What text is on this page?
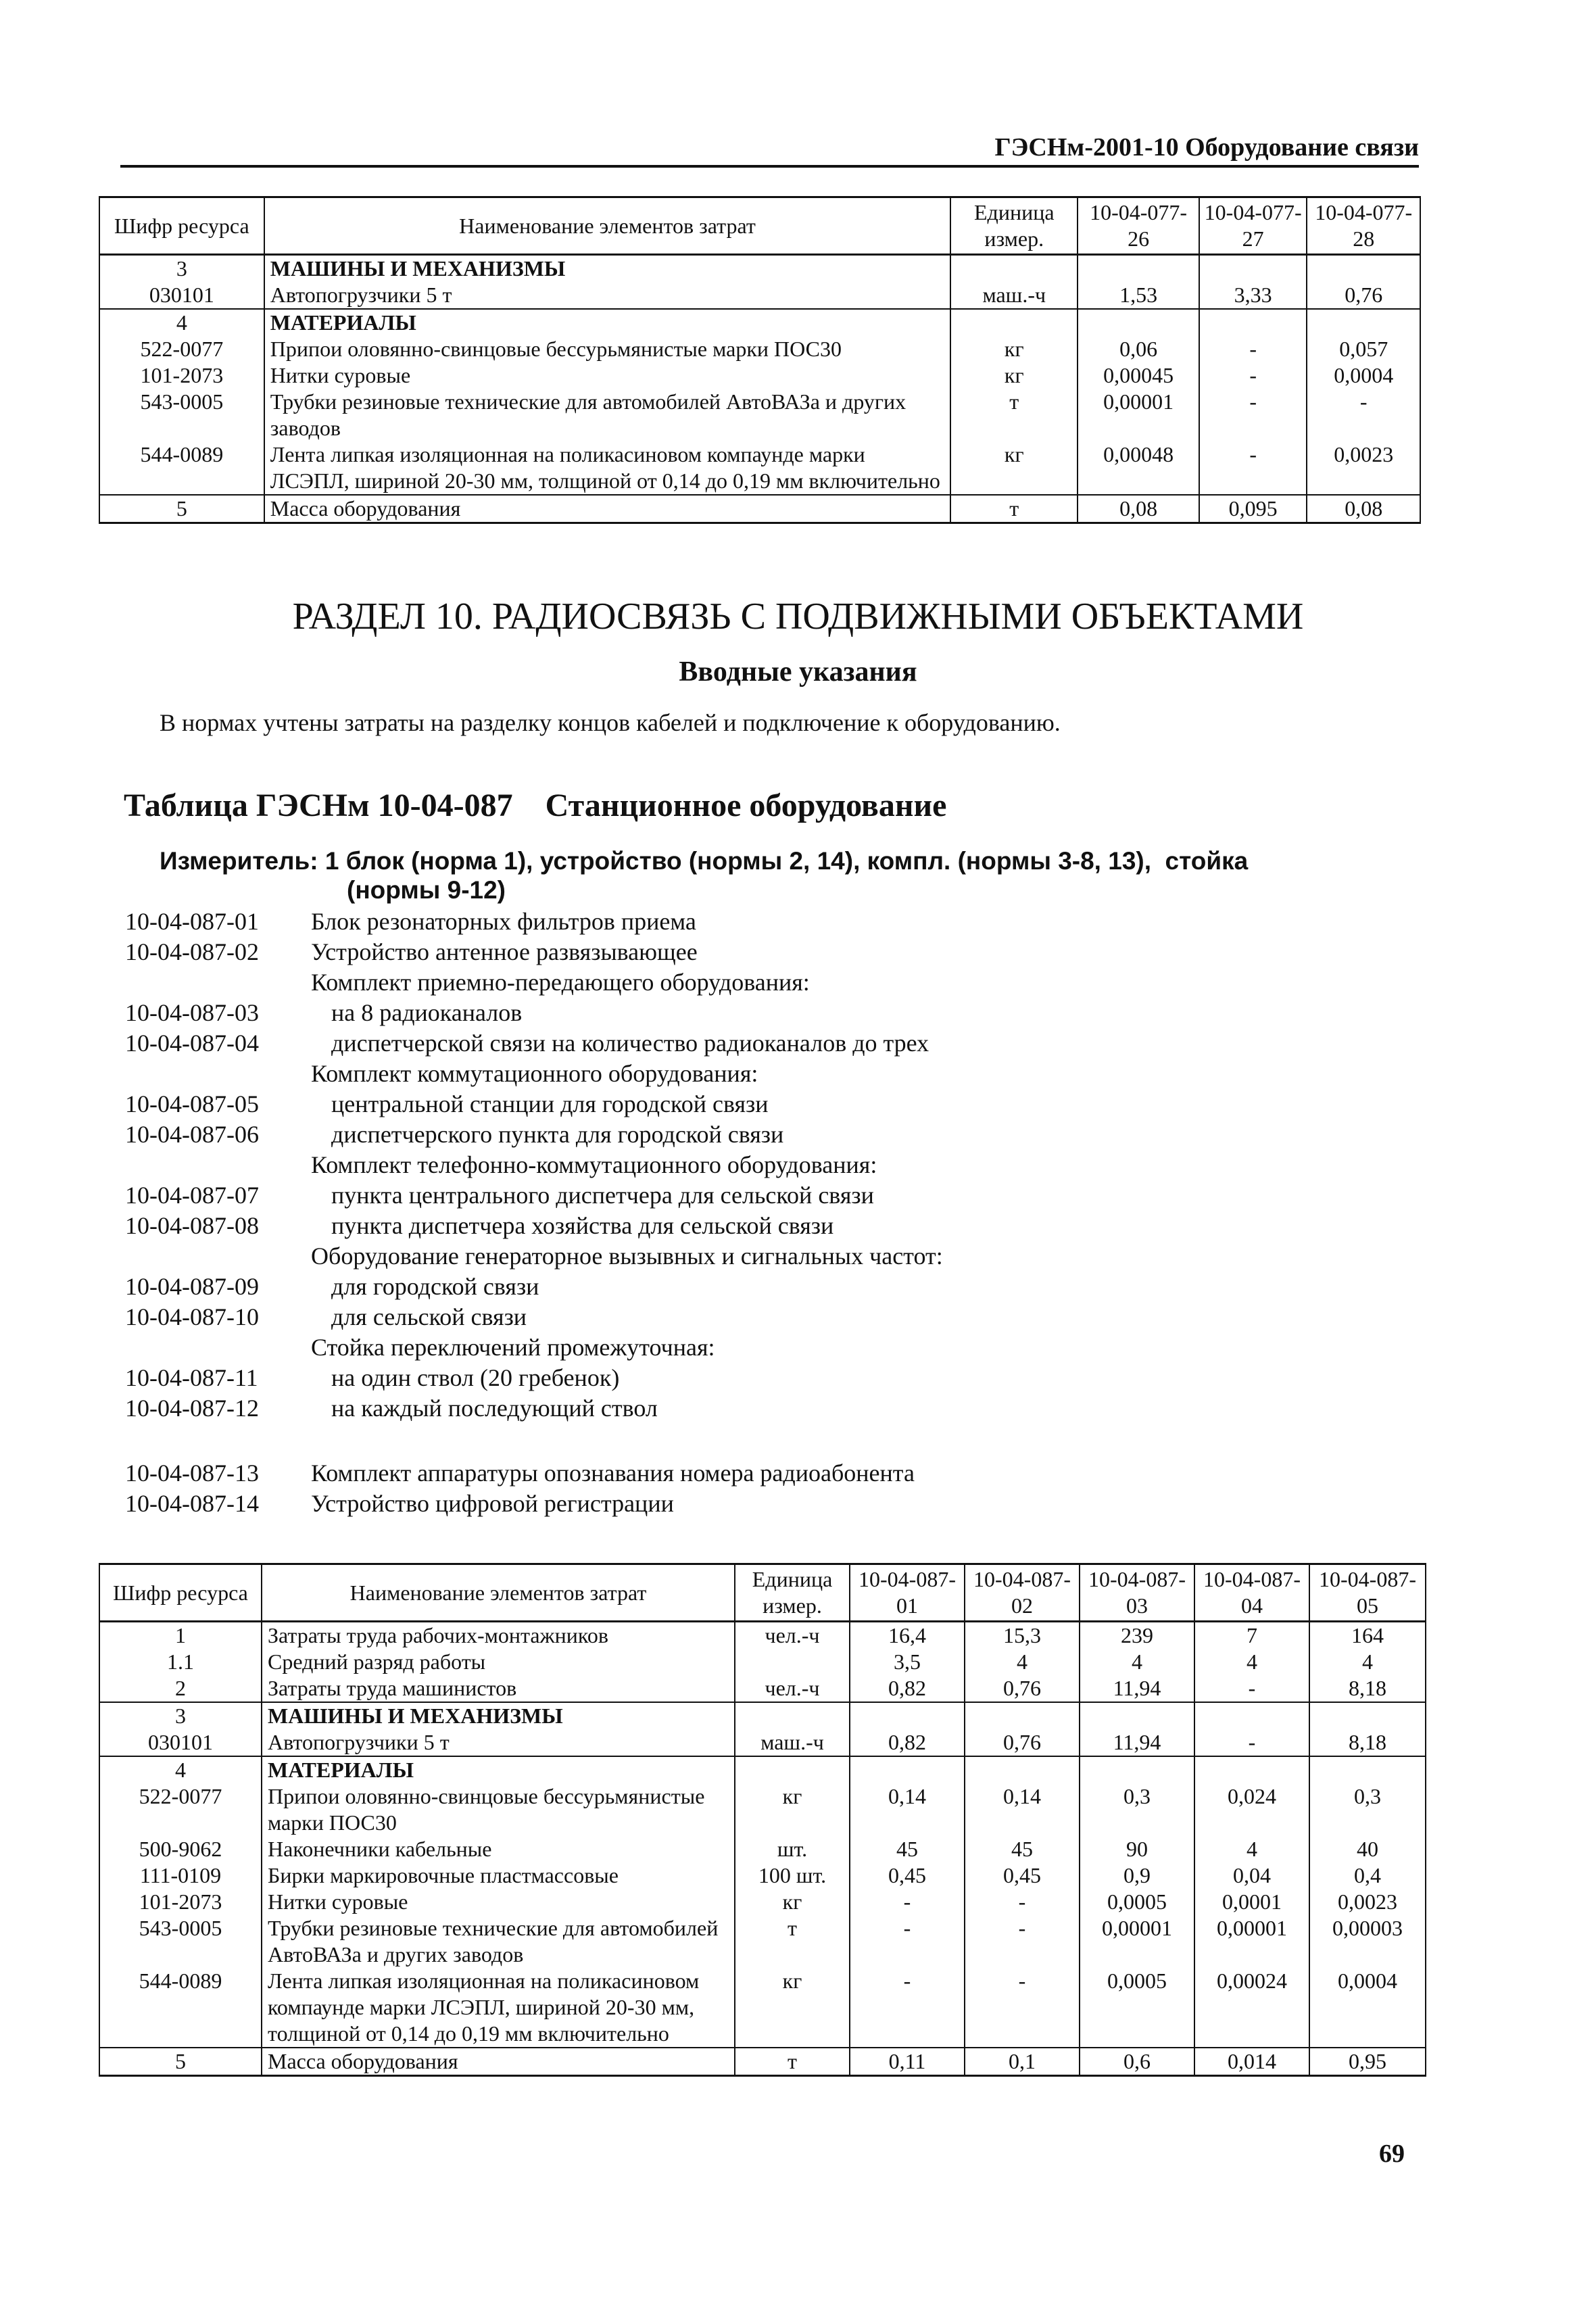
ГЭСНм-2001-10 Оборудование связи
Шифр ресурса	Наименование элементов затрат	Единица измер.	10-04-077-26	10-04-077-27	10-04-077-28
3	МАШИНЫ И МЕХАНИЗМЫ				
030101	Автопогрузчики 5 т	маш.-ч	1,53	3,33	0,76
4	МАТЕРИАЛЫ				
522-0077	Припои оловянно-свинцовые бессурьмянистые марки ПОС30	кг	0,06	-	0,057
101-2073	Нитки суровые	кг	0,00045	-	0,0004
543-0005	Трубки резиновые технические для автомобилей АвтоВАЗа и других заводов	т	0,00001	-	-
544-0089	Лента липкая изоляционная на поликасиновом компаунде марки ЛСЭПЛ, шириной 20-30 мм, толщиной от 0,14 до 0,19 мм включительно	кг	0,00048	-	0,0023
5	Масса оборудования	т	0,08	0,095	0,08
РАЗДЕЛ 10. РАДИОСВЯЗЬ С ПОДВИЖНЫМИ ОБЪЕКТАМИ
Вводные указания
В нормах учтены затраты на разделку концов кабелей и подключение к оборудованию.
Таблица ГЭСНм 10-04-087    Станционное оборудование
Измеритель: 1 блок (норма 1), устройство (нормы 2, 14), компл. (нормы 3-8, 13),  стойка
(нормы 9-12)
10-04-087-01 Блок резонаторных фильтров приема
10-04-087-02 Устройство антенное развязывающее
Комплект приемно-передающего оборудования:
10-04-087-03	на 8 радиоканалов
10-04-087-04	диспетчерской связи на количество радиоканалов до трех
Комплект коммутационного оборудования:
10-04-087-05	центральной станции для городской связи
10-04-087-06	диспетчерского пункта для городской связи
Комплект телефонно-коммутационного оборудования:
10-04-087-07	пункта центрального диспетчера для сельской связи
10-04-087-08	пункта диспетчера хозяйства для сельской связи
Оборудование генераторное вызывных и сигнальных частот:
10-04-087-09	для городской связи
10-04-087-10	для сельской связи
Стойка переключений промежуточная:
10-04-087-11	на один ствол (20 гребенок)
10-04-087-12	на каждый последующий ствол
10-04-087-13 Комплект аппаратуры опознавания номера радиоабонента
10-04-087-14 Устройство цифровой регистрации
Шифр ресурса	Наименование элементов затрат	Единица измер.	10-04-087-01	10-04-087-02	10-04-087-03	10-04-087-04	10-04-087-05
1	Затраты труда рабочих-монтажников	чел.-ч	16,4	15,3	239	7	164
1.1	Средний разряд работы		3,5	4	4	4	4
2	Затраты труда машинистов	чел.-ч	0,82	0,76	11,94	-	8,18
3	МАШИНЫ И МЕХАНИЗМЫ						
030101	Автопогрузчики 5 т	маш.-ч	0,82	0,76	11,94	-	8,18
4	МАТЕРИАЛЫ						
522-0077	Припои оловянно-свинцовые бессурьмянистые марки ПОС30	кг	0,14	0,14	0,3	0,024	0,3
500-9062	Наконечники кабельные	шт.	45	45	90	4	40
111-0109	Бирки маркировочные пластмассовые	100 шт.	0,45	0,45	0,9	0,04	0,4
101-2073	Нитки суровые	кг	-	-	0,0005	0,0001	0,0023
543-0005	Трубки резиновые технические для автомобилей АвтоВАЗа и других заводов	т	-	-	0,00001	0,00001	0,00003
544-0089	Лента липкая изоляционная на поликасиновом компаунде марки ЛСЭПЛ, шириной 20-30 мм, толщиной от 0,14 до 0,19 мм включительно	кг	-	-	0,0005	0,00024	0,0004
5	Масса оборудования	т	0,11	0,1	0,6	0,014	0,95
69
